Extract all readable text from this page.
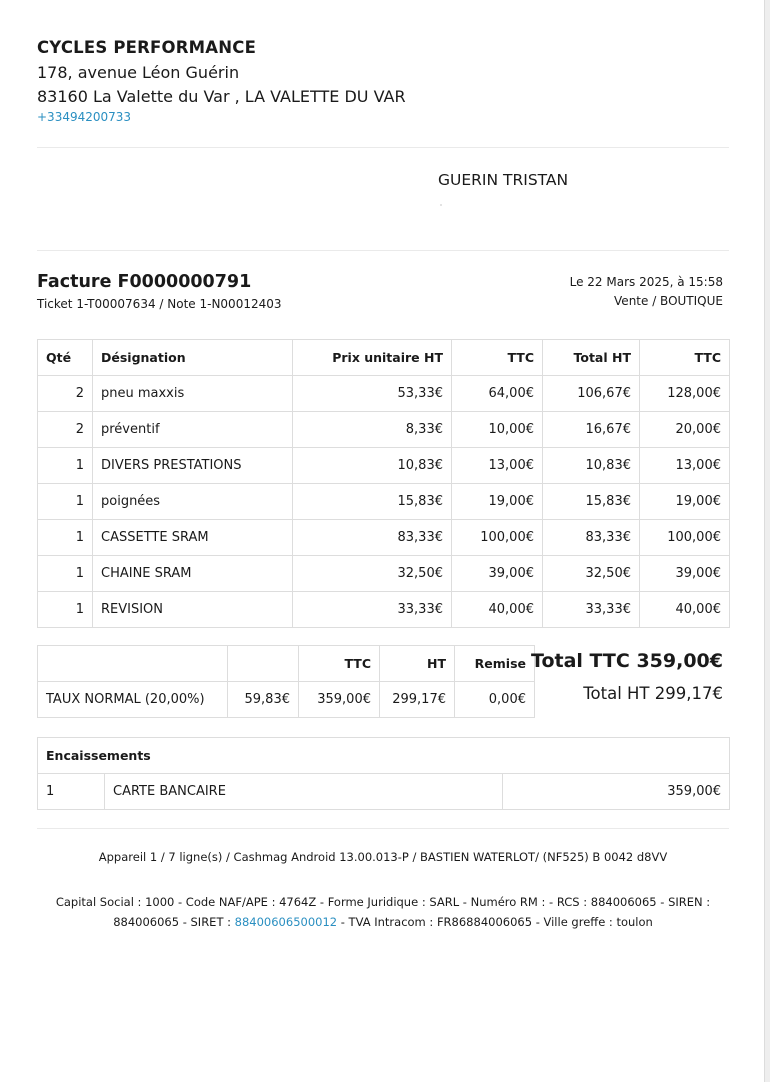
CYCLES PERFORMANCE
178, avenue Léon Guérin
83160 La Valette du Var , LA VALETTE DU VAR
+33494200733
GUERIN TRISTAN
Facture F0000000791
Ticket 1-T00007634 / Note 1-N00012403
Le 22 Mars 2025, à 15:58
Vente / BOUTIQUE
Qté	Désignation	Prix unitaire HT	TTC	Total HT	TTC
2	pneu maxxis	53,33€	64,00€	106,67€	128,00€
2	préventif	8,33€	10,00€	16,67€	20,00€
1	DIVERS PRESTATIONS	10,83€	13,00€	10,83€	13,00€
1	poignées	15,83€	19,00€	15,83€	19,00€
1	CASSETTE SRAM	83,33€	100,00€	83,33€	100,00€
1	CHAINE SRAM	32,50€	39,00€	32,50€	39,00€
1	REVISION	33,33€	40,00€	33,33€	40,00€
		TTC	HT	Remise
TAUX NORMAL (20,00%)	59,83€	359,00€	299,17€	0,00€
Total TTC 359,00€
Total HT 299,17€
Encaissements
1	CARTE BANCAIRE	359,00€
Appareil 1 / 7 ligne(s) / Cashmag Android 13.00.013-P / BASTIEN WATERLOT/ (NF525) B 0042 d8VV
Capital Social : 1000 - Code NAF/APE : 4764Z - Forme Juridique : SARL - Numéro RM : - RCS : 884006065 - SIREN : 884006065 - SIRET : 88400606500012 - TVA Intracom : FR86884006065 - Ville greffe : toulon
